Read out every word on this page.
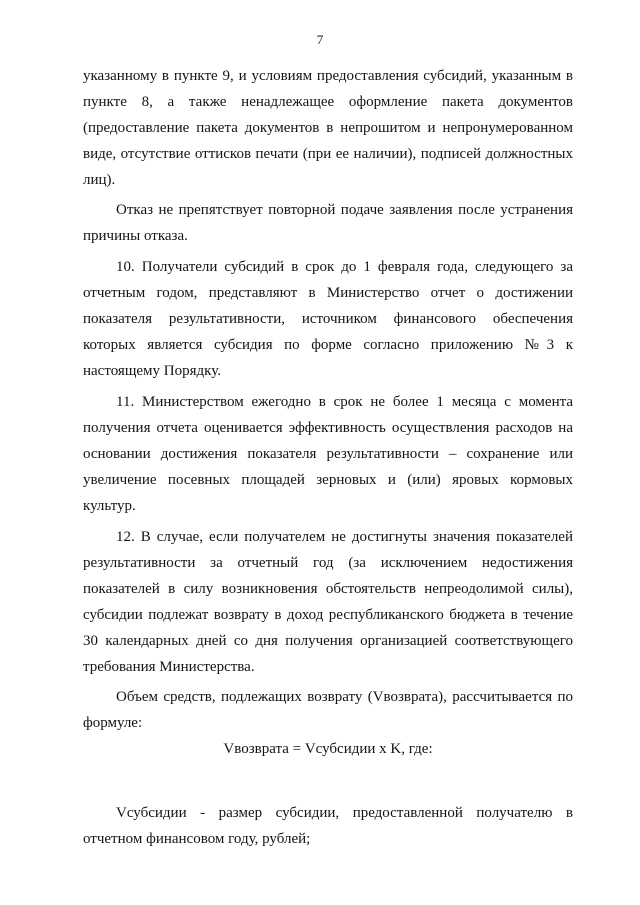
7

указанному в пункте 9, и условиям предоставления субсидий, указанным в пункте 8, а также ненадлежащее оформление пакета документов (предоставление пакета документов в непрошитом и непронумерованном виде, отсутствие оттисков печати (при ее наличии), подписей должностных лиц).

Отказ не препятствует повторной подаче заявления после устранения причины отказа.

10. Получатели субсидий в срок до 1 февраля года, следующего за отчетным годом, представляют в Министерство отчет о достижении показателя результативности, источником финансового обеспечения которых является субсидия по форме согласно приложению №3 к настоящему Порядку.

11. Министерством ежегодно в срок не более 1 месяца с момента получения отчета оценивается эффективность осуществления расходов на основании достижения показателя результативности – сохранение или увеличение посевных площадей зерновых и (или) яровых кормовых культур.

12. В случае, если получателем не достигнуты значения показателей результативности за отчетный год (за исключением недостижения показателей в силу возникновения обстоятельств непреодолимой силы), субсидии подлежат возврату в доход республиканского бюджета в течение 30 календарных дней со дня получения организацией соответствующего требования Министерства.

Объем средств, подлежащих возврату (Vвозврата), рассчитывается по формуле:

Vвозврата = Vсубсидии x K, где:

Vсубсидии - размер субсидии, предоставленной получателю в отчетном финансовом году, рублей;
